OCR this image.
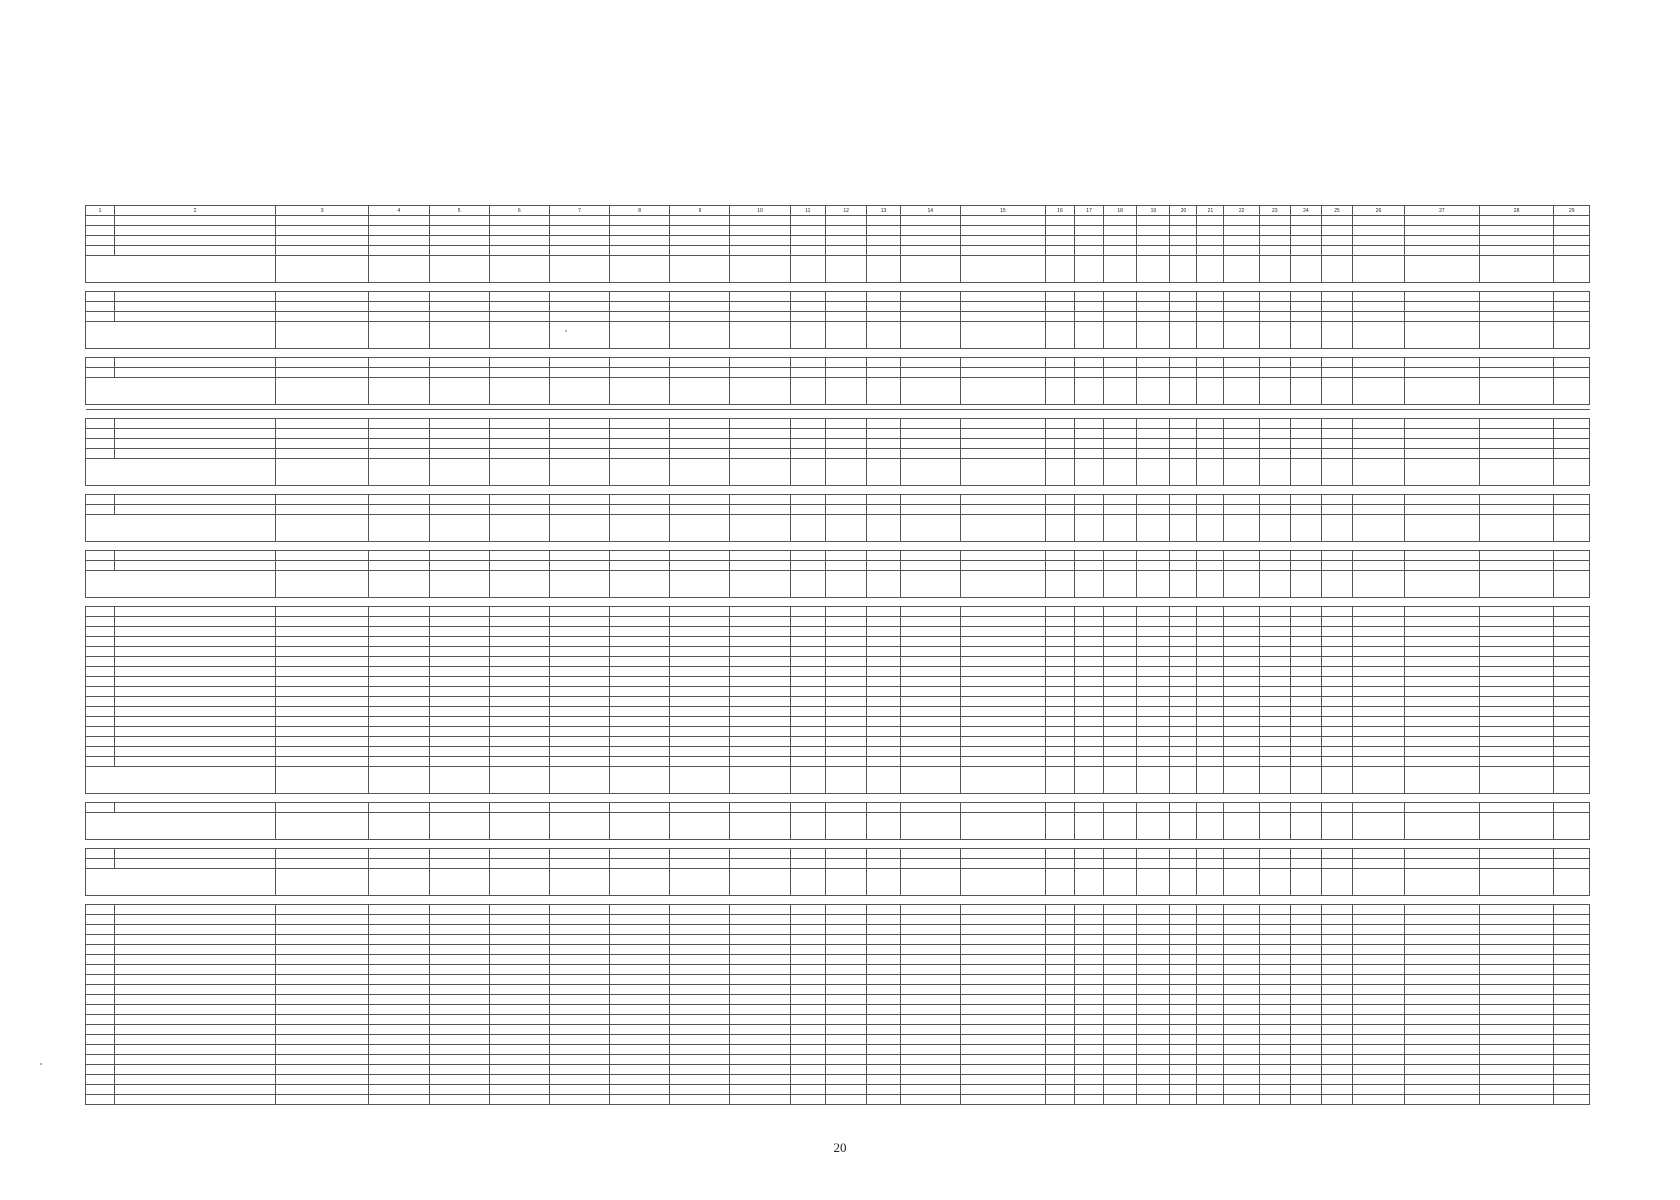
1	2	3	4	5	6	7	8	9	10	11	12	13	14	15	16	17	18	19	20	21	22	23	24	25	26	27	28	29

20
